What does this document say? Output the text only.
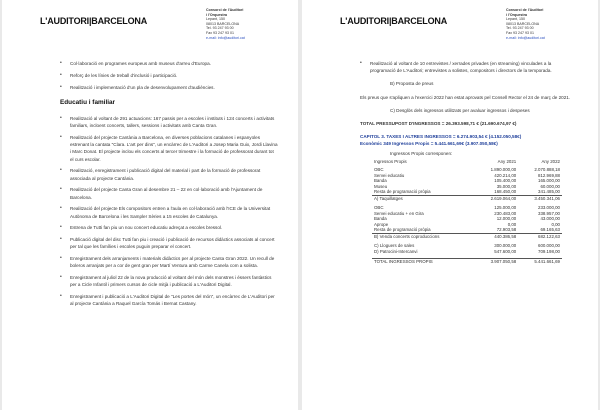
L'AUDITORI|BARCELONA
Consorci de l'Auditori
i l'Orquestra
Lepant, 150
08013 BARCELONA
Tel. 93 247 93 00
Fax 93 247 93 01
e-mail: info@auditori.cat
• Col·laboració en programes europeus amb museus d'arreu d'Europa.
• Reforç de les línies de treball d'inclusió i participació.
• Realització i implementació d'un pla de desenvolupament d'audiències.
Educatiu i familiar
• Realització al voltant de 291 actuacions: 167 passis per a escoles i instituts i 124 concerts i activitats familiars, incloent concerts, tallers, sessions i activitats amb Canta Gran.
• Realització del projecte Cantània a Barcelona, en diverses poblacions catalanes i espanyoles estrenant la cantata "Clara. L'art per dins", un encàrrec de L'Auditori a Josep Maria Guix, Jordi Llavina i Marc Donat. El projecte inclou els concerts al tercer trimestre i la formació de professorat durant tot el curs escolar.
• Realització, enregistrament i publicació digital del material i part de la formació de professorat associada al projecte Cantània.
• Realització del projecte Canta Gran al desembre 21 – 22 en col·laboració amb l'Ajuntament de Barcelona.
• Realització del projecte Els compositors entren a l'aula en col·laboració amb l'ICE de la Universitat Autònoma de Barcelona i les Sampler Sèries a 15 escoles de Catalunya.
• Estrena de Tutti fan piu un nou concert educatiu adreçat a escoles bressol.
• Publicació digital del disc Tutti fan piu i creació i publicació de recursos didàctics associats al concert per tal que les famílies i escoles puguin preparar el concert.
• Enregistrament dels arranjaments i materials didàctics per al projecte Canta Gran 2022. Un recull de boleros arranjats per a cor de gent gran per Martí Ventura amb Carme Canela com a solista.
• Enregistrament al juliol 22 de la nova producció al voltant del món dels monstres i éssers fantàstics per a Cicle Infantil i primers cursos de cicle mitjà i publicació a L'Auditori Digital.
• Enregistrament i publicació a L'Auditori Digital de "Les portes del món", un encàrrec de L'Auditori per al projecte Cantània a Raquel García Tomás i Bernat Castany.
L'AUDITORI|BARCELONA
Consorci de l'Auditori
i l'Orquestra
Lepant, 150
08013 BARCELONA
Tel. 93 247 93 00
Fax 93 247 93 01
e-mail: info@auditori.cat
• Realització al voltant de 10 entrevistes / xerrades privades (en streaming) vinculades a la programació de L'Auditori; entrevistes a solistes, compositors i directors de la temporada.
B) Proposta de preus
Els preus que s'apliquen a l'exercici 2022 han estat aprovats pel Consell Rector el 24 de març de 2021.
C) Desglòs dels ingressos utilitzats per avaluar ingressos i despeses
TOTAL PRESSUPOST D'INGRESSOS = 26.393.598,71 € (21.690.674,97 €)
CAPITOL 3. TAXES I ALTRES INGRESSOS = 6.274.903,54 € (4.152.050,58€)
Econòmic 349 Ingressos Propis = 5.441.661,69€ (3.907.050,58€)
Ingressos Propis corresponen:
Ingressos Propis	Any 2021	Any 2022
OBC	1.890.000,00	2.070.888,18
Servei educatiu	420.214,00	812.969,88
Banda	105.400,00	165.000,00
Museu	35.000,00	60.000,00
Resta de programació pròpia	168.450,00	341.485,00
A) Taquillatges	2.619.064,00	3.450.341,06

OBC	125.000,00	233.000,00
Servei educatiu + en Gira	230.483,00	338.957,00
Banda	12.000,00	43.000,00
Aprope	0,00	0,00
Resta de programació pròpia	72.903,58	69.165,63
B) Venda concerts coproduccions	440.386,58	682.122,63

C) Lloguers de sales	300.000,00	600.000,00
D) Patrocini-Intercanvi	547.600,00	709.198,00

TOTAL INGRESSOS PROPIS	3.907.050,58	5.441.661,69
